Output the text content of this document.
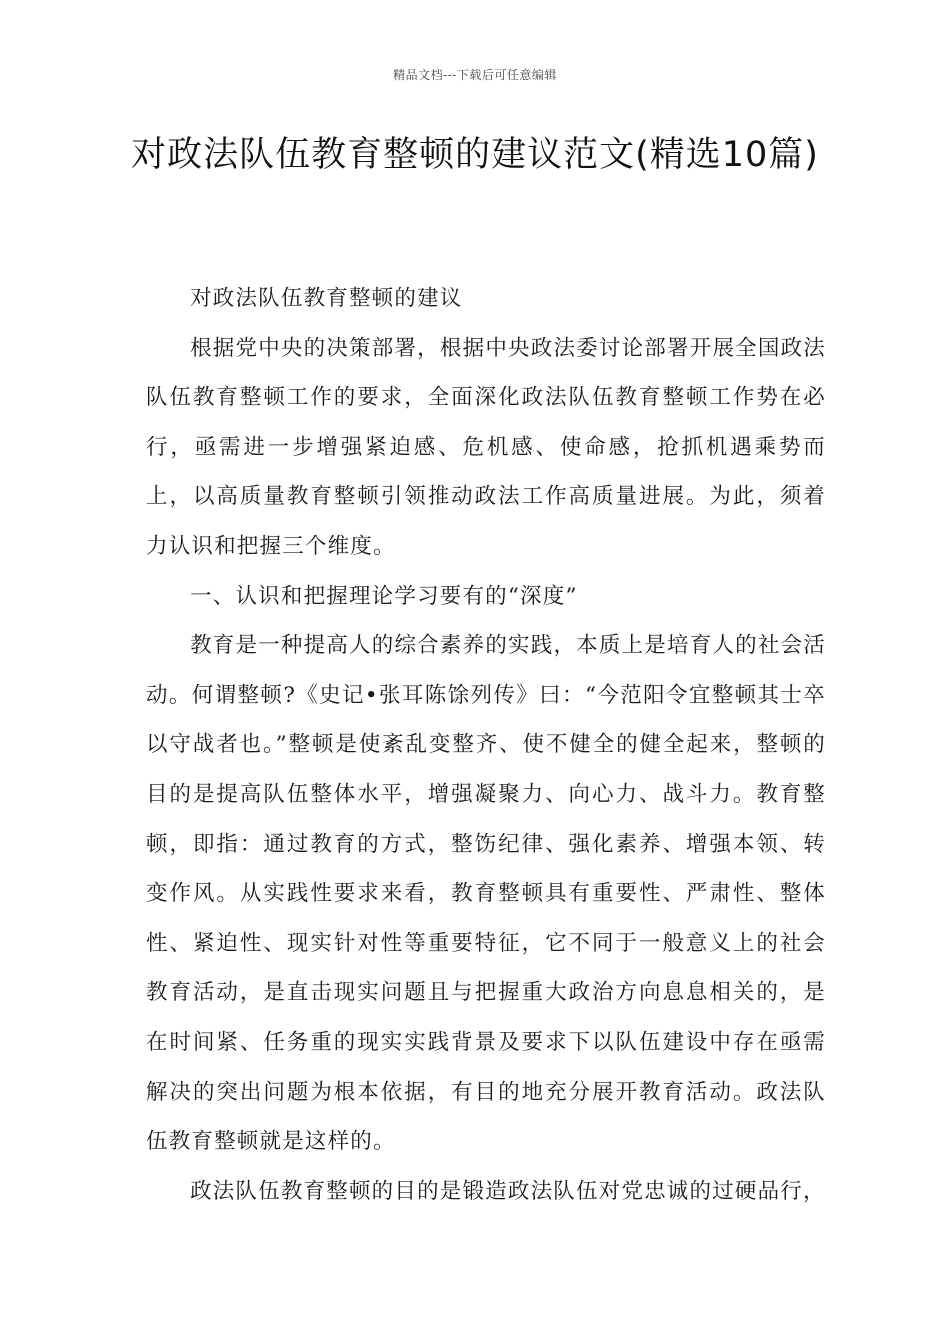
精品文档---下载后可任意编辑
对政法队伍教育整顿的建议范文(精选10篇)

对政法队伍教育整顿的建议

根据党中央的决策部署，根据中央政法委讨论部署开展全国政法队伍教育整顿工作的要求，全面深化政法队伍教育整顿工作势在必行，亟需进一步增强紧迫感、危机感、使命感，抢抓机遇乘势而上，以高质量教育整顿引领推动政法工作高质量进展。为此，须着力认识和把握三个维度。

一、认识和把握理论学习要有的“深度”

教育是一种提高人的综合素养的实践，本质上是培育人的社会活动。何谓整顿?《史记•张耳陈馀列传》曰：“今范阳令宜整顿其士卒以守战者也。”整顿是使紊乱变整齐、使不健全的健全起来，整顿的目的是提高队伍整体水平，增强凝聚力、向心力、战斗力。教育整顿，即指：通过教育的方式，整饬纪律、强化素养、增强本领、转变作风。从实践性要求来看，教育整顿具有重要性、严肃性、整体性、紧迫性、现实针对性等重要特征，它不同于一般意义上的社会教育活动，是直击现实问题且与把握重大政治方向息息相关的，是在时间紧、任务重的现实实践背景及要求下以队伍建设中存在亟需解决的突出问题为根本依据，有目的地充分展开教育活动。政法队伍教育整顿就是这样的。

政法队伍教育整顿的目的是锻造政法队伍对党忠诚的过硬品行，
